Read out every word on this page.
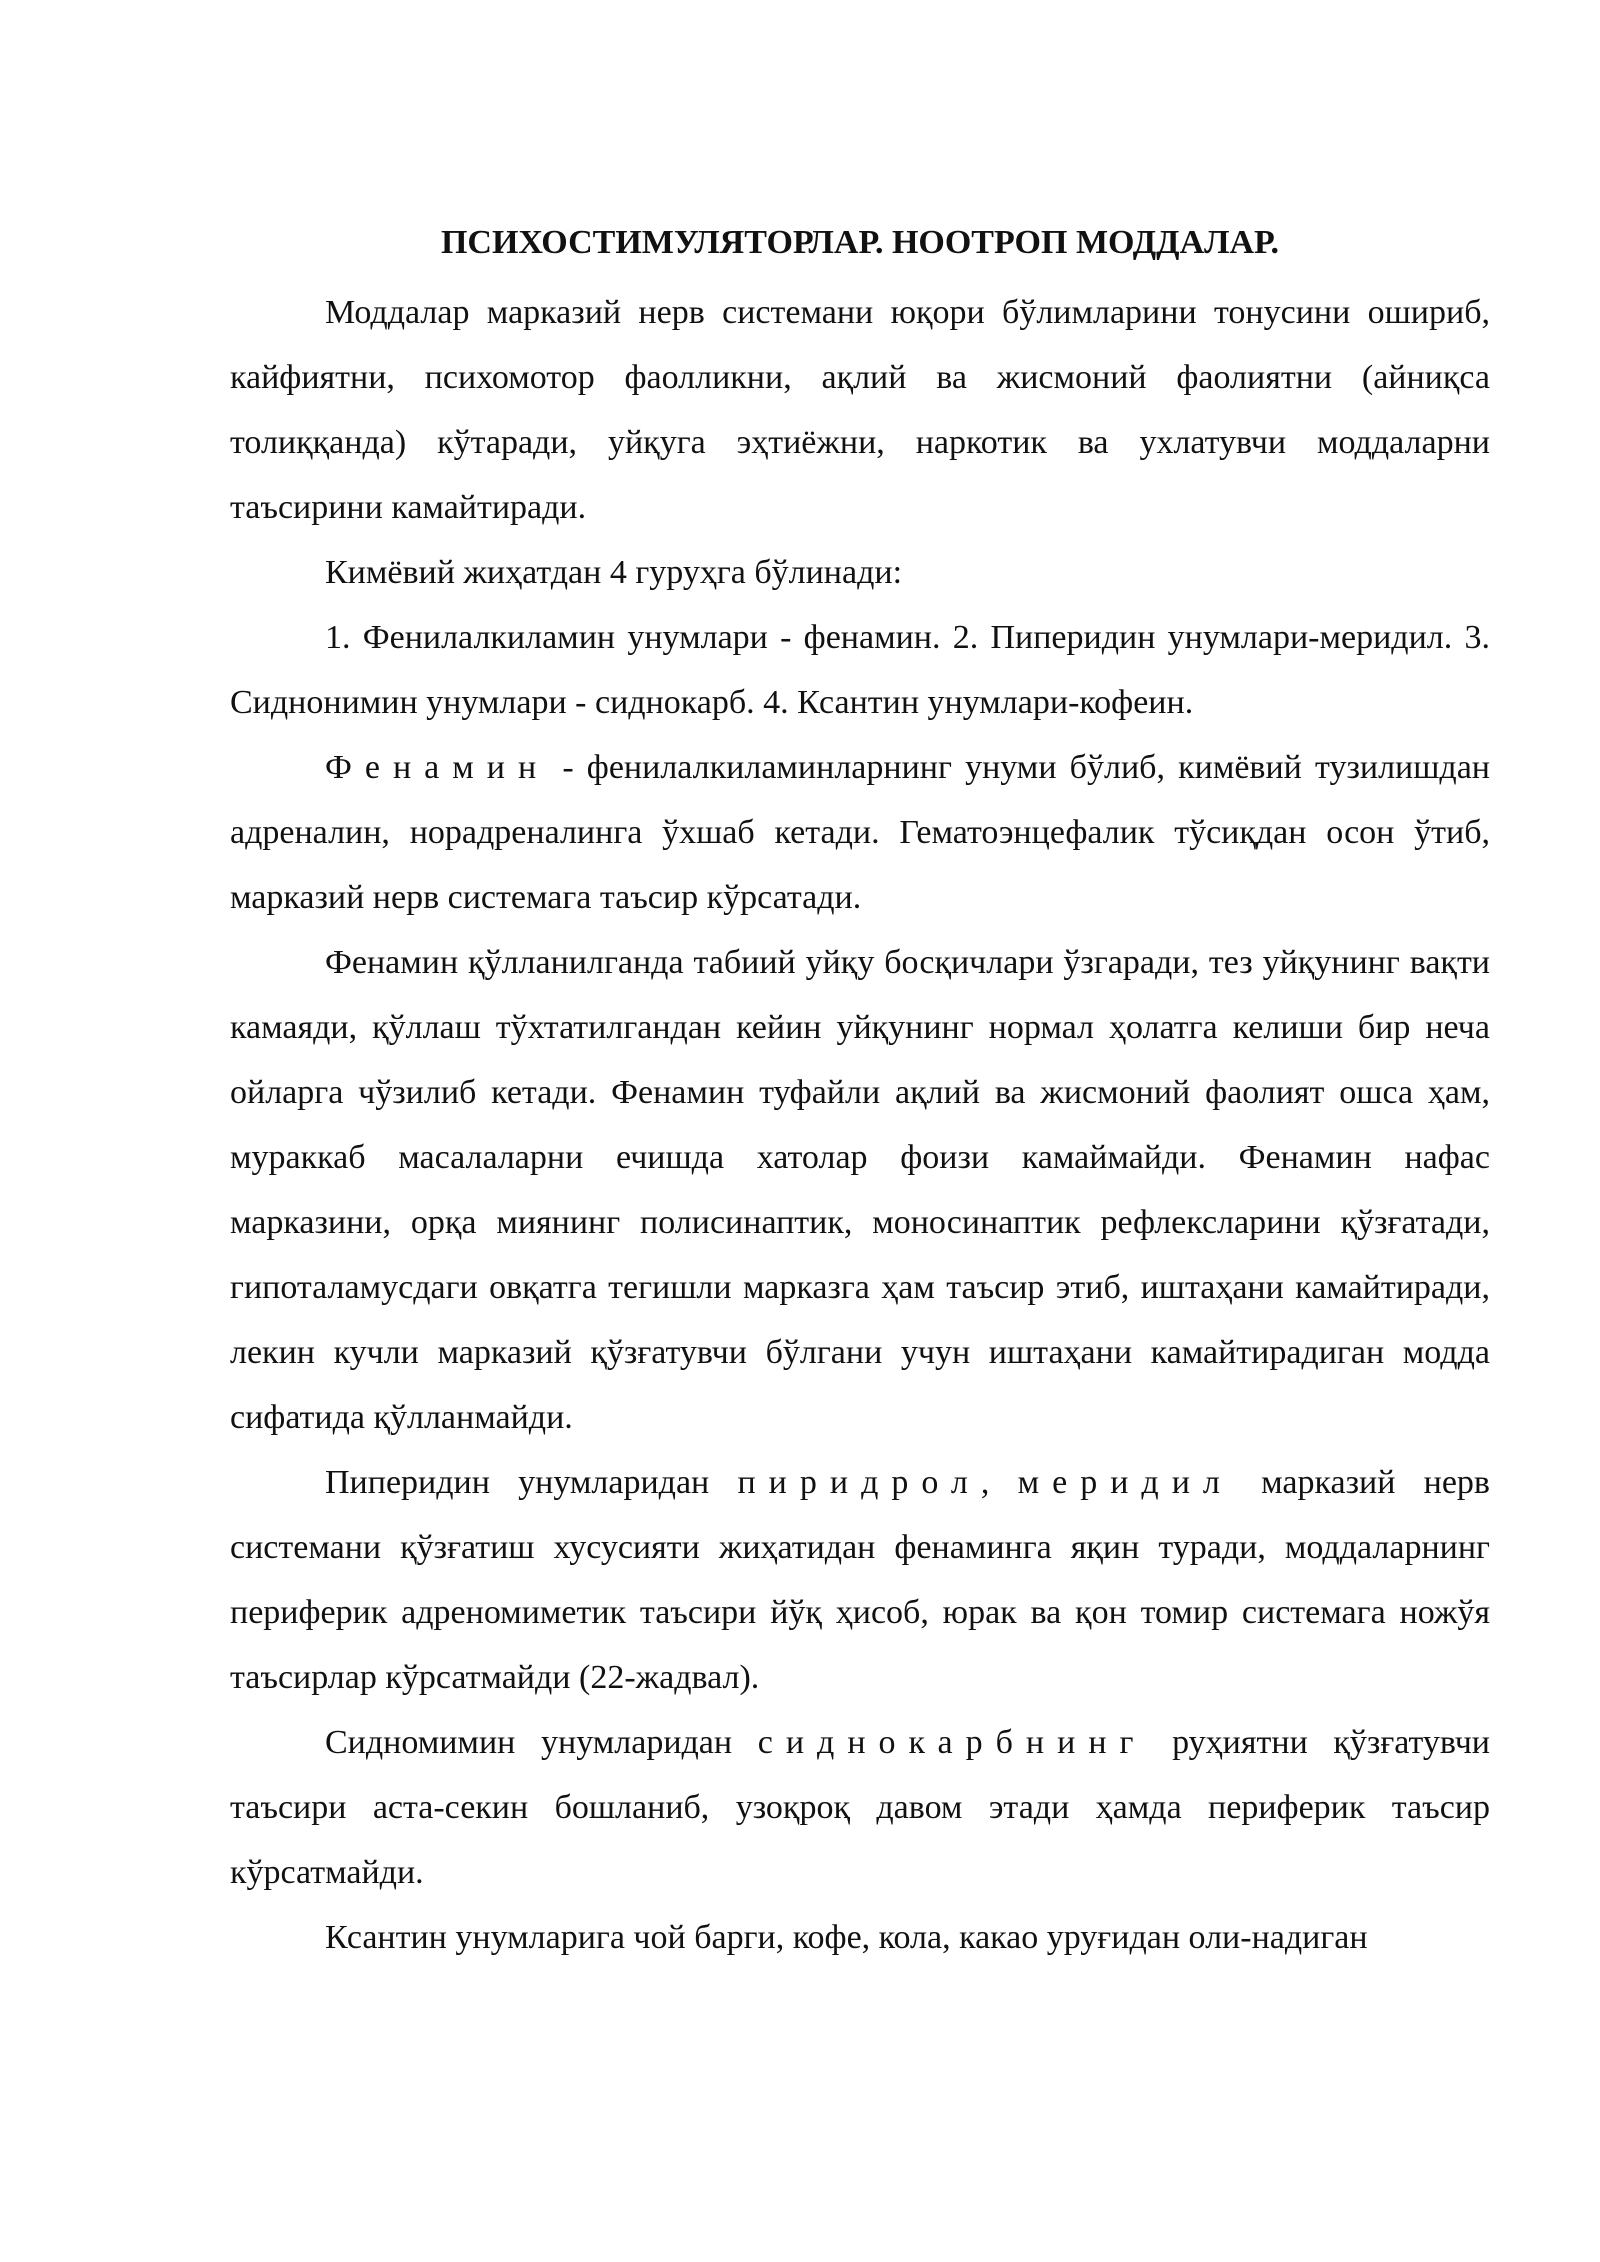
ПСИХОСТИМУЛЯТОРЛАР. НООТРОП МОДДАЛАР.

Моддалар марказий нерв системани юқори бўлимларини тонусини ошириб, кайфиятни, психомотор фаолликни, ақлий ва жисмоний фаолиятни (айниқса толиққанда) кўтаради, уйқуга эҳтиёжни, наркотик ва ухлатувчи моддаларни таъсирини камайтиради.

Кимёвий жиҳатдан 4 гуруҳга бўлинади:

1. Фенилалкиламин унумлари - фенамин. 2. Пиперидин унумлари-меридил. 3. Сиднонимин унумлари - сиднокарб. 4. Ксантин унумлари-кофеин.

Фенамин - фенилалкиламинларнинг унуми бўлиб, кимёвий тузилишдан адреналин, норадреналинга ўхшаб кетади. Гематоэнцефалик тўсиқдан осон ўтиб, марказий нерв системага таъсир кўрсатади.

Фенамин қўлланилганда табиий уйқу босқичлари ўзгаради, тез уйқунинг вақти камаяди, қўллаш тўхтатилгандан кейин уйқунинг нормал ҳолатга келиши бир неча ойларга чўзилиб кетади. Фенамин туфайли ақлий ва жисмоний фаолият ошса ҳам, мураккаб масалаларни ечишда хатолар фоизи камаймайди. Фенамин нафас марказини, орқа миянинг полисинаптик, моносинаптик рефлексларини қўзғатади, гипоталамусдаги овқатга тегишли марказга ҳам таъсир этиб, иштаҳани камайтиради, лекин кучли марказий қўзғатувчи бўлгани учун иштаҳани камайтирадиган модда сифатида қўлланмайди.

Пиперидин унумларидан пиридрол, меридил марказий нерв системани қўзғатиш хусусияти жиҳатидан фенаминга яқин туради, моддаларнинг периферик адреномиметик таъсири йўқ ҳисоб, юрак ва қон томир системага ножўя таъсирлар кўрсатмайди (22-жадвал).

Сидномимин унумларидан сиднокарбнинг руҳиятни қўзғатувчи таъсири аста-секин бошланиб, узоқроқ давом этади ҳамда периферик таъсир кўрсатмайди.

Ксантин унумларига чой барги, кофе, кола, какао уруғидан оли-надиган
